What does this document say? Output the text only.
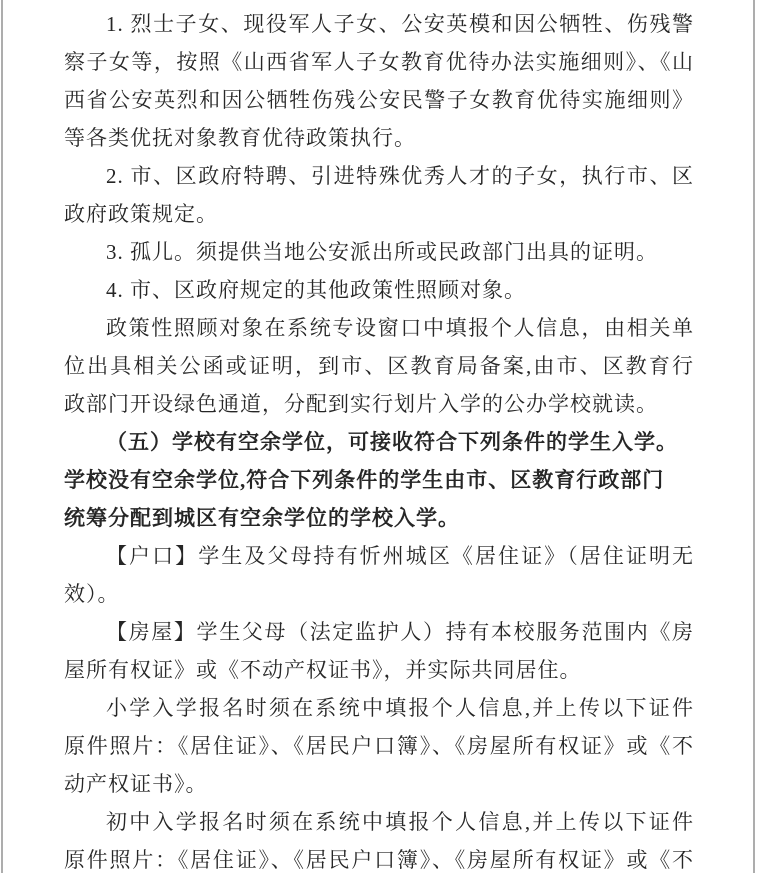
1. 烈士子女、现役军人子女、公安英模和因公牺牲、伤残警
察子女等，按照《山西省军人子女教育优待办法实施细则》、《山
西省公安英烈和因公牺牲伤残公安民警子女教育优待实施细则》
等各类优抚对象教育优待政策执行。
2. 市、区政府特聘、引进特殊优秀人才的子女，执行市、区
政府政策规定。
3. 孤儿。须提供当地公安派出所或民政部门出具的证明。
4. 市、区政府规定的其他政策性照顾对象。
政策性照顾对象在系统专设窗口中填报个人信息，由相关单
位出具相关公函或证明，到市、区教育局备案,由市、区教育行
政部门开设绿色通道，分配到实行划片入学的公办学校就读。
（五）学校有空余学位，可接收符合下列条件的学生入学。
学校没有空余学位,符合下列条件的学生由市、区教育行政部门
统筹分配到城区有空余学位的学校入学。
【户口】学生及父母持有忻州城区《居住证》（居住证明无
效）。
【房屋】学生父母（法定监护人）持有本校服务范围内《房
屋所有权证》或《不动产权证书》，并实际共同居住。
小学入学报名时须在系统中填报个人信息,并上传以下证件
原件照片：《居住证》、《居民户口簿》、《房屋所有权证》或《不
动产权证书》。
初中入学报名时须在系统中填报个人信息,并上传以下证件
原件照片：《居住证》、《居民户口簿》、《房屋所有权证》或《不
